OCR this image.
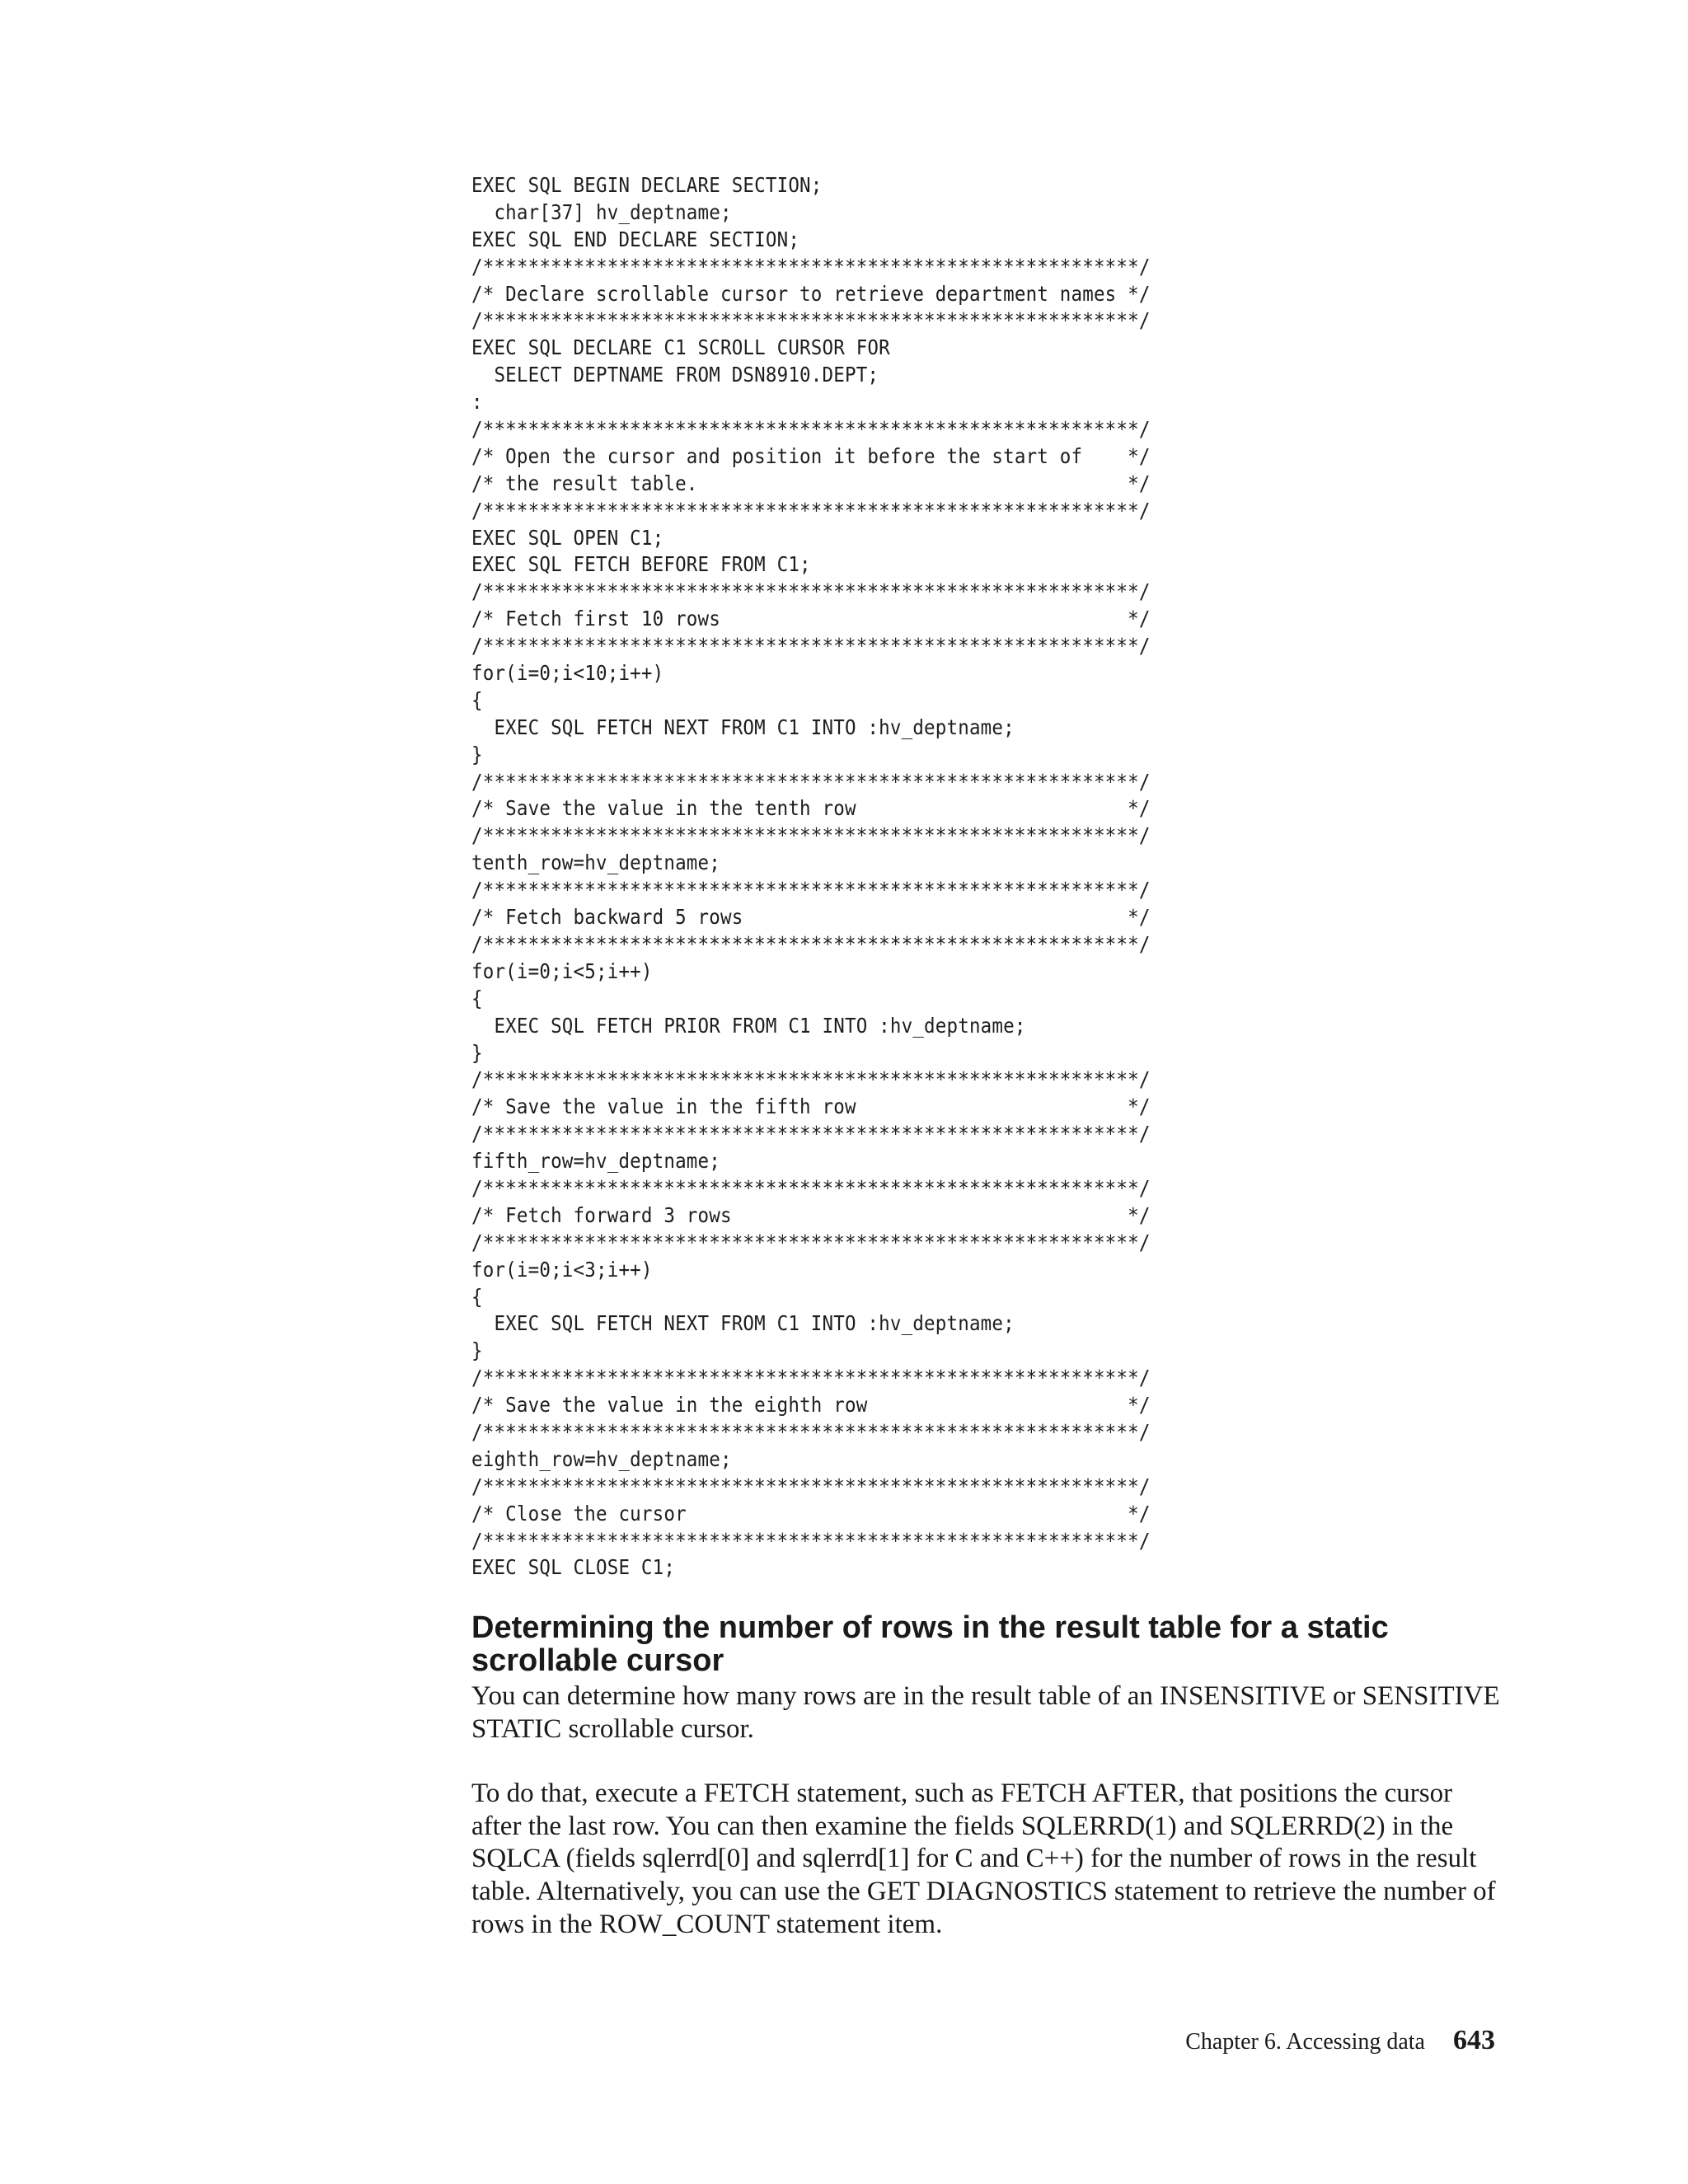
EXEC SQL BEGIN DECLARE SECTION;
char[37] hv_deptname;
EXEC SQL END DECLARE SECTION;
/**********************************************************/
/* Declare scrollable cursor to retrieve department names */
/**********************************************************/
EXEC SQL DECLARE C1 SCROLL CURSOR FOR
SELECT DEPTNAME FROM DSN8910.DEPT;
:
/**********************************************************/
/* Open the cursor and position it before the start of    */
/* the result table.                                      */
/**********************************************************/
EXEC SQL OPEN C1;
EXEC SQL FETCH BEFORE FROM C1;
/**********************************************************/
/* Fetch first 10 rows                                    */
/**********************************************************/
for(i=0;i<10;i++)
{
EXEC SQL FETCH NEXT FROM C1 INTO :hv_deptname;
}
/**********************************************************/
/* Save the value in the tenth row                        */
/**********************************************************/
tenth_row=hv_deptname;
/**********************************************************/
/* Fetch backward 5 rows                                  */
/**********************************************************/
for(i=0;i<5;i++)
{
EXEC SQL FETCH PRIOR FROM C1 INTO :hv_deptname;
}
/**********************************************************/
/* Save the value in the fifth row                        */
/**********************************************************/
fifth_row=hv_deptname;
/**********************************************************/
/* Fetch forward 3 rows                                   */
/**********************************************************/
for(i=0;i<3;i++)
{
EXEC SQL FETCH NEXT FROM C1 INTO :hv_deptname;
}
/**********************************************************/
/* Save the value in the eighth row                       */
/**********************************************************/
eighth_row=hv_deptname;
/**********************************************************/
/* Close the cursor                                       */
/**********************************************************/
EXEC SQL CLOSE C1;
Determining the number of rows in the result table for a static scrollable cursor

You can determine how many rows are in the result table of an INSENSITIVE or SENSITIVE STATIC scrollable cursor.

To do that, execute a FETCH statement, such as FETCH AFTER, that positions the cursor after the last row. You can then examine the fields SQLERRD(1) and SQLERRD(2) in the SQLCA (fields sqlerrd[0] and sqlerrd[1] for C and C++) for the number of rows in the result table. Alternatively, you can use the GET DIAGNOSTICS statement to retrieve the number of rows in the ROW_COUNT statement item.

Chapter 6. Accessing data 643
